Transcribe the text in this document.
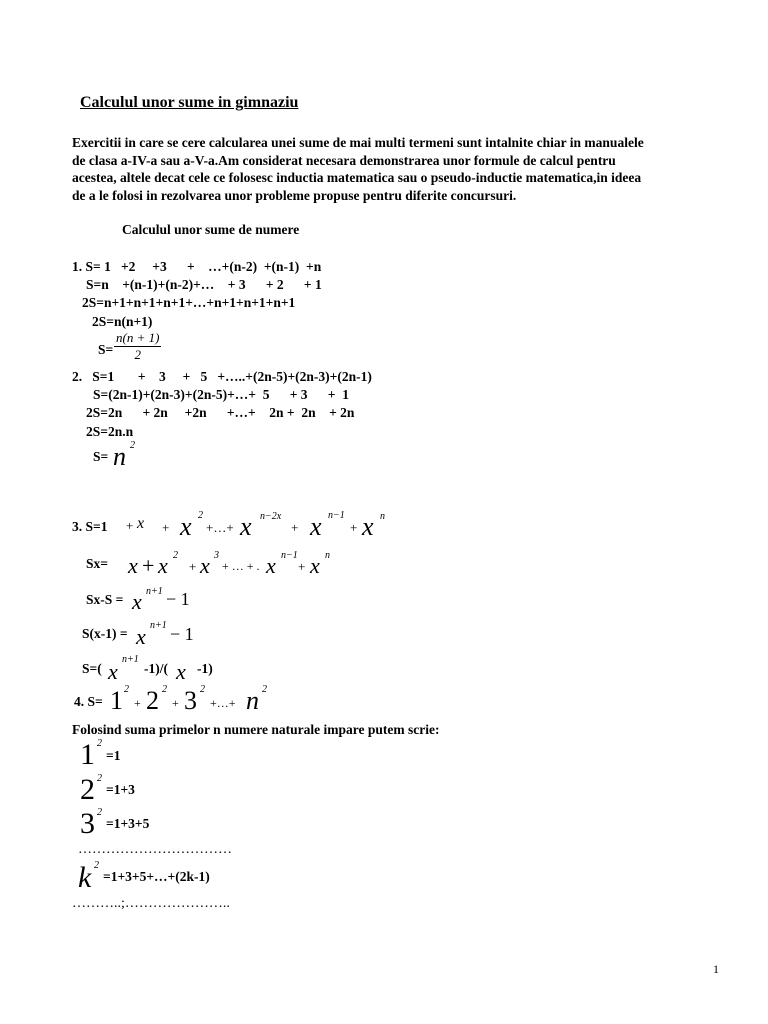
Calculul unor sume in gimnaziu
Exercitii in care se cere calcularea unei sume de mai multi termeni sunt intalnite chiar in manualele
de clasa a-IV-a sau a-V-a.Am considerat necesara demonstrarea unor formule de calcul pentru
acestea, altele decat cele ce folosesc inductia matematica sau o pseudo-inductie matematica,in ideea
de a le folosi in rezolvarea unor probleme propuse pentru diferite concursuri.
Calculul unor sume de numere
1. S= 1   +2     +3      +    …+(n-2)  +(n-1)  +n
S=n    +(n-1)+(n-2)+…    + 3      + 2      + 1
2S=n+1+n+1+n+1+…+n+1+n+1+n+1
2S=n(n+1)
$S= \frac{n(n + 1)}{2}$
2.   S=1       +    3     +   5   +…..+(2n-5)+(2n-3)+(2n-1)
S=(2n-1)+(2n-3)+(2n-5)+…+  5      + 3      +  1
2S=2n      + 2n     +2n      +…+    2n +  2n    + 2n
2S=2n.n
S= n 2
3. S=1 + x + x 2
+…+ x n−2x
+ x n−1
+ x n
Sx= x + x 2
+ x 3
+ … + . x n−1
+ x n
Sx-S = x n+1 − 1
S(x-1) = x n+1 − 1
S=( x n+1
-1)/( x -1)
4. S= 1 2
+ 2 2
+ 3 2
+…+ n 2
Folosind suma primelor n numere naturale impare putem scrie:
1 2
=1
2 2
=1+3
3 2
=1+3+5
……………………………
k 2
=1+3+5+…+(2k-1)
………..;…………………..
1
